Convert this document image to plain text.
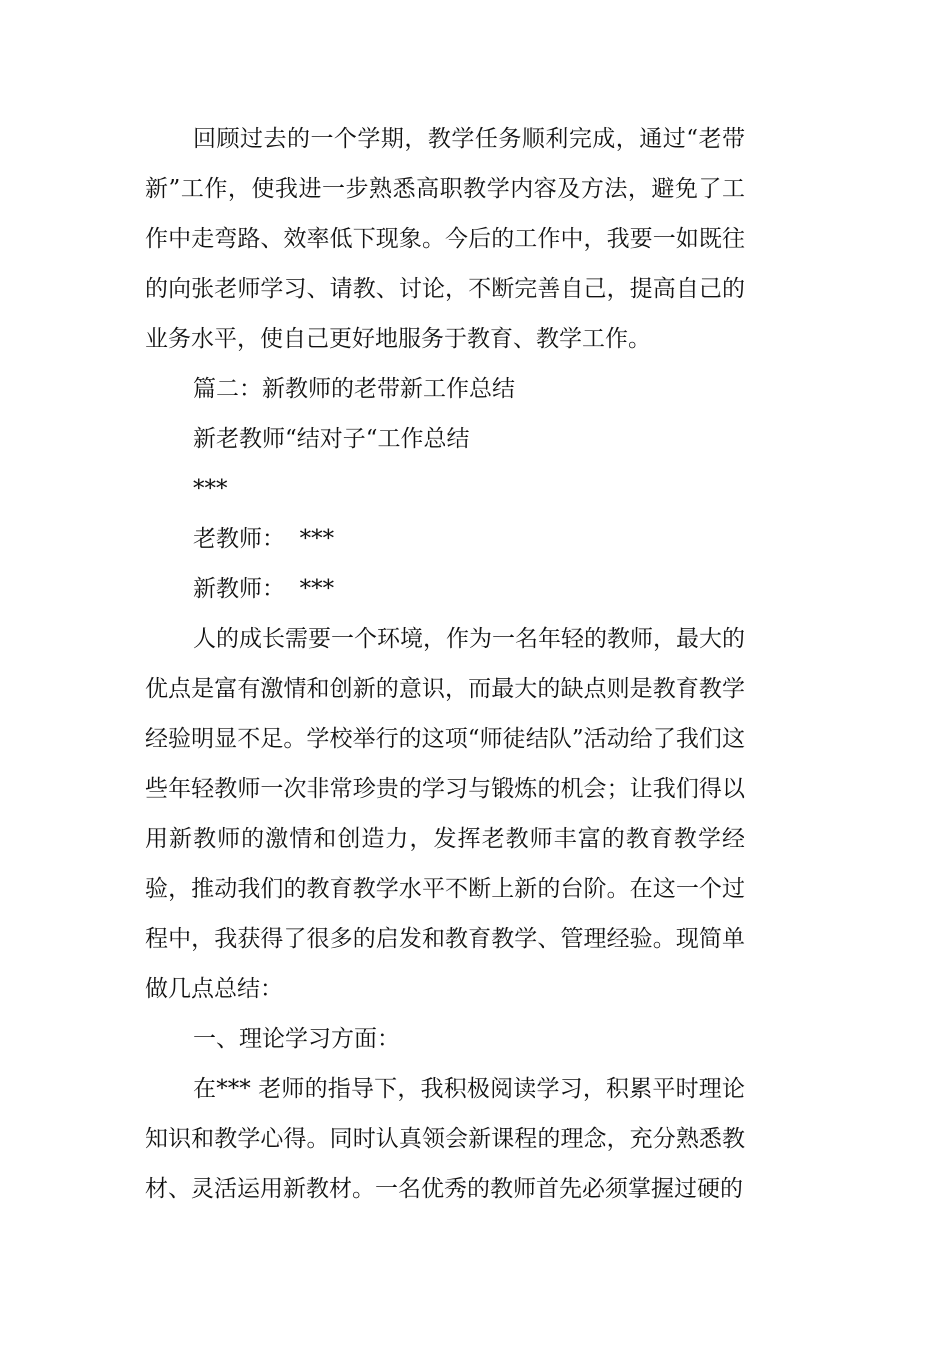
回顾过去的一个学期，教学任务顺利完成，通过“老带新”工作，使我进一步熟悉高职教学内容及方法，避免了工作中走弯路、效率低下现象。今后的工作中，我要一如既往的向张老师学习、请教、讨论，不断完善自己，提高自己的业务水平，使自己更好地服务于教育、教学工作。

篇二：新教师的老带新工作总结

新老教师“结对子“工作总结

***

老教师：  ***

新教师：  ***

人的成长需要一个环境，作为一名年轻的教师，最大的优点是富有激情和创新的意识，而最大的缺点则是教育教学经验明显不足。学校举行的这项“师徒结队”活动给了我们这些年轻教师一次非常珍贵的学习与锻炼的机会；让我们得以用新教师的激情和创造力，发挥老教师丰富的教育教学经验，推动我们的教育教学水平不断上新的台阶。在这一个过程中，我获得了很多的启发和教育教学、管理经验。现简单做几点总结：

一、理论学习方面：

在*** 老师的指导下，我积极阅读学习，积累平时理论知识和教学心得。同时认真领会新课程的理念，充分熟悉教材、灵活运用新教材。一名优秀的教师首先必须掌握过硬的
